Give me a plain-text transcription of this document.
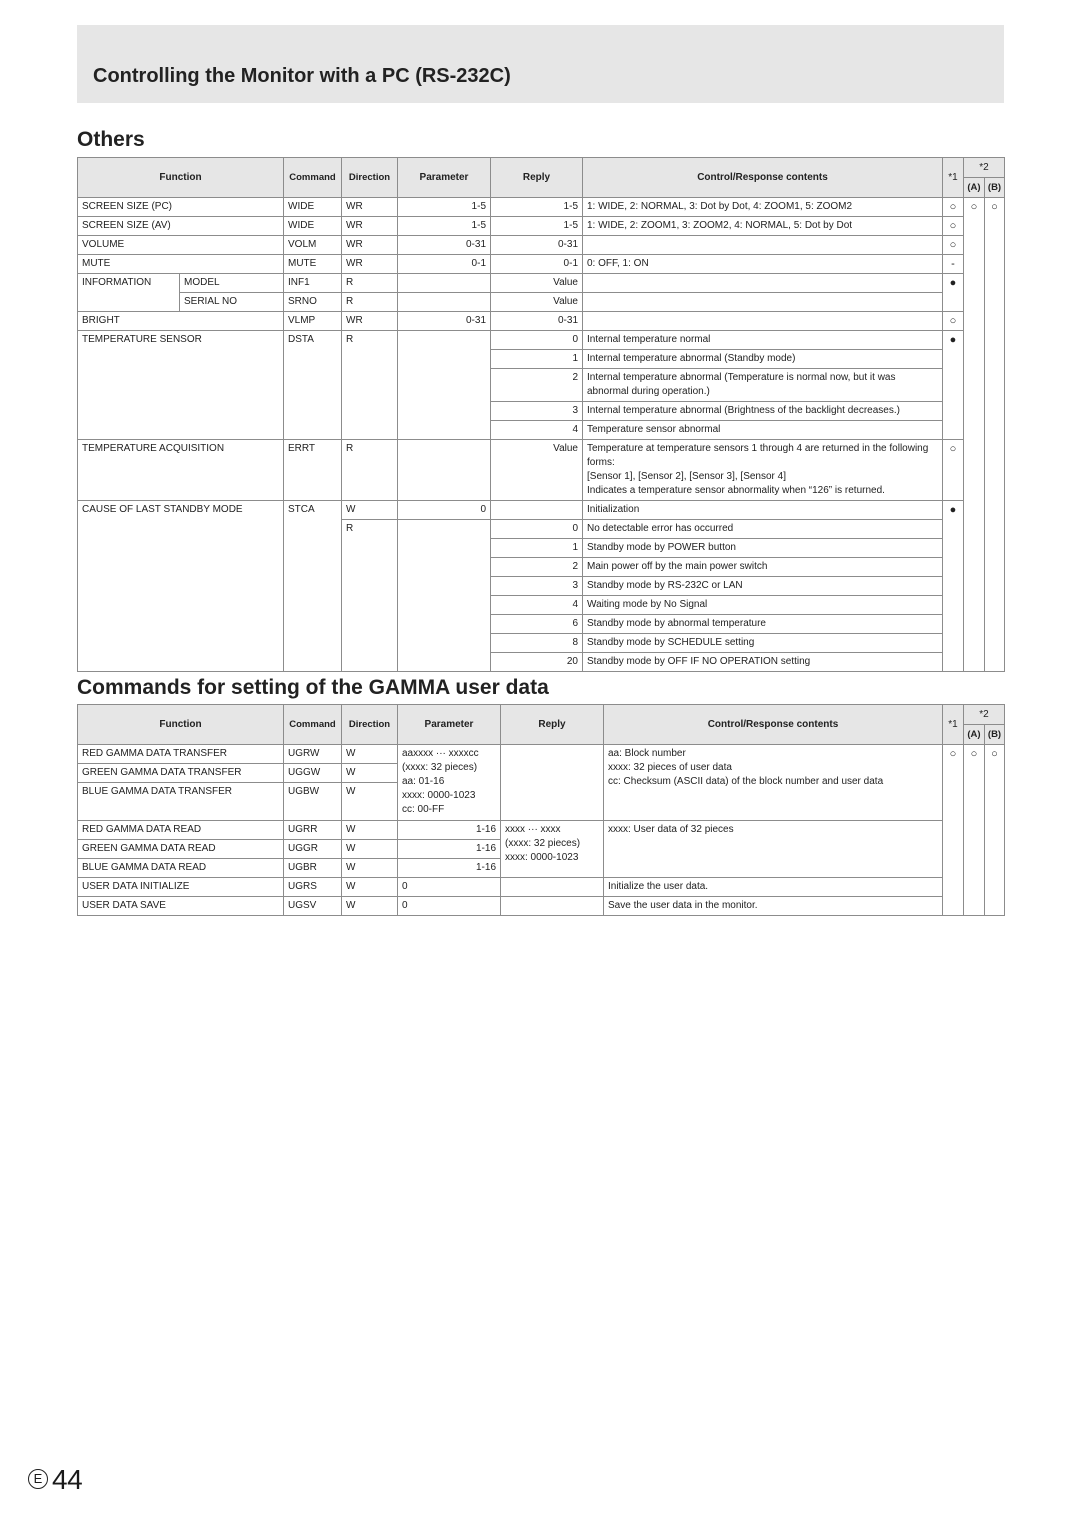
Controlling the Monitor with a PC (RS-232C)
Others
Function		Command	Direction	Parameter	Reply	Control/Response contents	*1	*2	
								(A)	(B)
SCREEN SIZE (PC)		WIDE	WR	1-5	1-5	1: WIDE, 2: NORMAL, 3: Dot by Dot, 4: ZOOM1, 5: ZOOM2	○	○	○
SCREEN SIZE (AV)		WIDE	WR	1-5	1-5	1: WIDE, 2: ZOOM1, 3: ZOOM2, 4: NORMAL, 5: Dot by Dot	○		
VOLUME		VOLM	WR	0-31	0-31		○		
MUTE		MUTE	WR	0-1	0-1	0: OFF, 1: ON	-		
INFORMATION	MODEL	INF1	R		Value		●		
	SERIAL NO	SRNO	R		Value				
BRIGHT		VLMP	WR	0-31	0-31		○		
TEMPERATURE SENSOR		DSTA	R		0	Internal temperature normal	●		
					1	Internal temperature abnormal (Standby mode)			
					2	Internal temperature abnormal (Temperature is normal now, but it was abnormal during operation.)			
					3	Internal temperature abnormal (Brightness of the backlight decreases.)			
					4	Temperature sensor abnormal			
TEMPERATURE ACQUISITION		ERRT	R		Value	Temperature at temperature sensors 1 through 4 are returned in the following forms:
[Sensor 1], [Sensor 2], [Sensor 3], [Sensor 4]
Indicates a temperature sensor abnormality when “126” is returned.	○		
CAUSE OF LAST STANDBY MODE		STCA	W	0		Initialization	●		
			R		0	No detectable error has occurred			
					1	Standby mode by POWER button			
					2	Main power off by the main power switch			
					3	Standby mode by RS-232C or LAN			
					4	Waiting mode by No Signal			
					6	Standby mode by abnormal temperature			
					8	Standby mode by SCHEDULE setting			
					20	Standby mode by OFF IF NO OPERATION setting			
Commands for setting of the GAMMA user data
Function	Command	Direction	Parameter	Reply	Control/Response contents	*1	*2	
							(A)	(B)
RED GAMMA DATA TRANSFER	UGRW	W	aaxxxx ··· xxxxcc
(xxxx: 32 pieces)
aa: 01-16
xxxx: 0000-1023
cc: 00-FF		aa: Block number
xxxx: 32 pieces of user data
cc: Checksum (ASCII data) of the block number and user data	○	○	○
GREEN GAMMA DATA TRANSFER	UGGW	W						
BLUE GAMMA DATA TRANSFER	UGBW	W						
RED GAMMA DATA READ	UGRR	W	1-16	xxxx ··· xxxx
(xxxx: 32 pieces)
xxxx: 0000-1023	xxxx: User data of 32 pieces			
GREEN GAMMA DATA READ	UGGR	W	1-16					
BLUE GAMMA DATA READ	UGBR	W	1-16					
USER DATA INITIALIZE	UGRS	W	0		Initialize the user data.			
USER DATA SAVE	UGSV	W	0		Save the user data in the monitor.			
E 44
